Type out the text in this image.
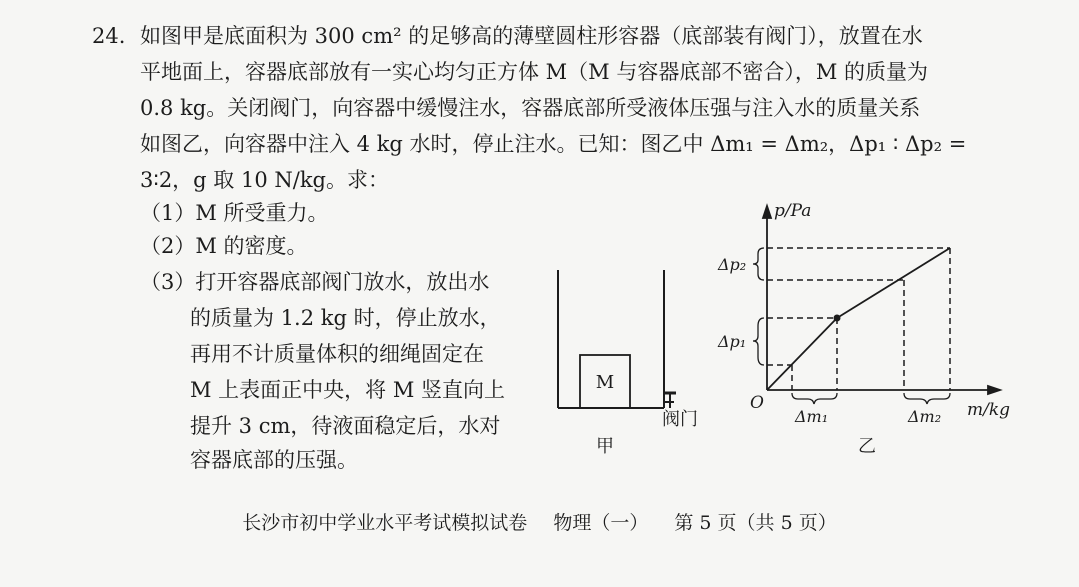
24. 如图甲是底面积为 300 cm² 的足够高的薄壁圆柱形容器（底部装有阀门），放置在水
平地面上，容器底部放有一实心均匀正方体 M（M 与容器底部不密合），M 的质量为
0.8 kg。关闭阀门，向容器中缓慢注水，容器底部所受液体压强与注入水的质量关系
如图乙，向容器中注入 4 kg 水时，停止注水。已知：图乙中 Δm₁ = Δm₂，Δp₁ ∶ Δp₂ =
3∶2，g 取 10 N/kg。求：
（1）M 所受重力。
（2）M 的密度。
（3）打开容器底部阀门放水，放出水
的质量为 1.2 kg 时，停止放水，
再用不计质量体积的细绳固定在
M 上表面正中央，将 M 竖直向上
提升 3 cm，待液面稳定后，水对
容器底部的压强。
M
阀门
甲
p/Pa
m/kg
O
Δp₂
Δp₁
Δm₁	Δm₂
乙
长沙市初中学业水平考试模拟试卷 物理（一） 第 5 页（共 5 页）
